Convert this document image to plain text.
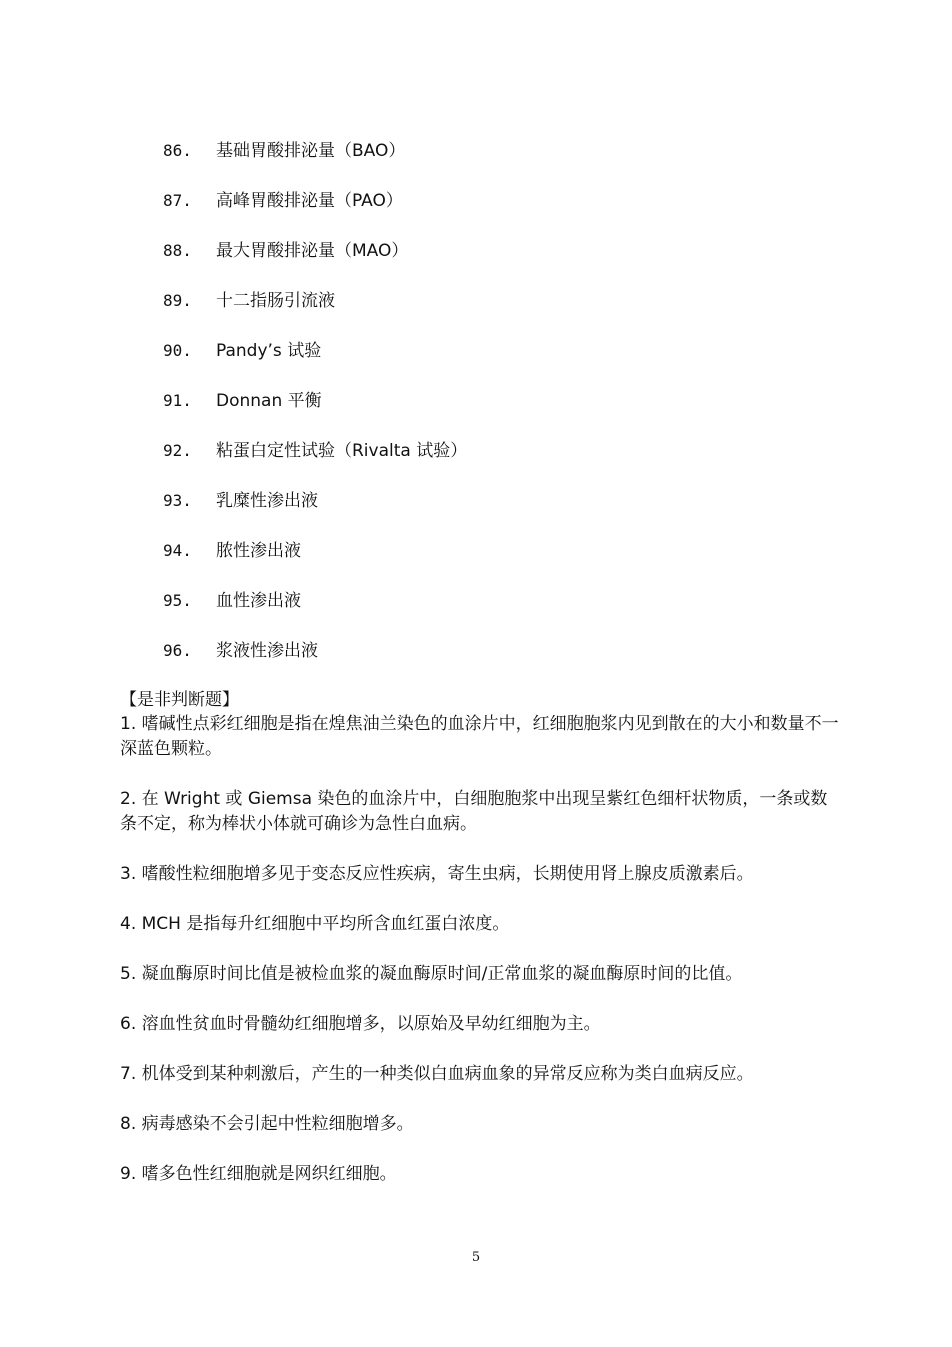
86.	基础胃酸排泌量（BAO）
87.	高峰胃酸排泌量（PAO）
88.	最大胃酸排泌量（MAO）
89.	十二指肠引流液
90.	Pandy’s 试验
91.	Donnan 平衡
92.	粘蛋白定性试验（Rivalta 试验）
93.	乳糜性渗出液
94.	脓性渗出液
95.	血性渗出液
96.	浆液性渗出液
【是非判断题】

1. 嗜碱性点彩红细胞是指在煌焦油兰染色的血涂片中，红细胞胞浆内见到散在的大小和数量不一深蓝色颗粒。

2. 在 Wright 或 Giemsa 染色的血涂片中，白细胞胞浆中出现呈紫红色细杆状物质，一条或数条不定，称为棒状小体就可确诊为急性白血病。

3. 嗜酸性粒细胞增多见于变态反应性疾病，寄生虫病，长期使用肾上腺皮质激素后。

4. MCH 是指每升红细胞中平均所含血红蛋白浓度。

5. 凝血酶原时间比值是被检血浆的凝血酶原时间/正常血浆的凝血酶原时间的比值。

6. 溶血性贫血时骨髓幼红细胞增多，以原始及早幼红细胞为主。

7. 机体受到某种刺激后，产生的一种类似白血病血象的异常反应称为类白血病反应。

8. 病毒感染不会引起中性粒细胞增多。

9. 嗜多色性红细胞就是网织红细胞。

5
